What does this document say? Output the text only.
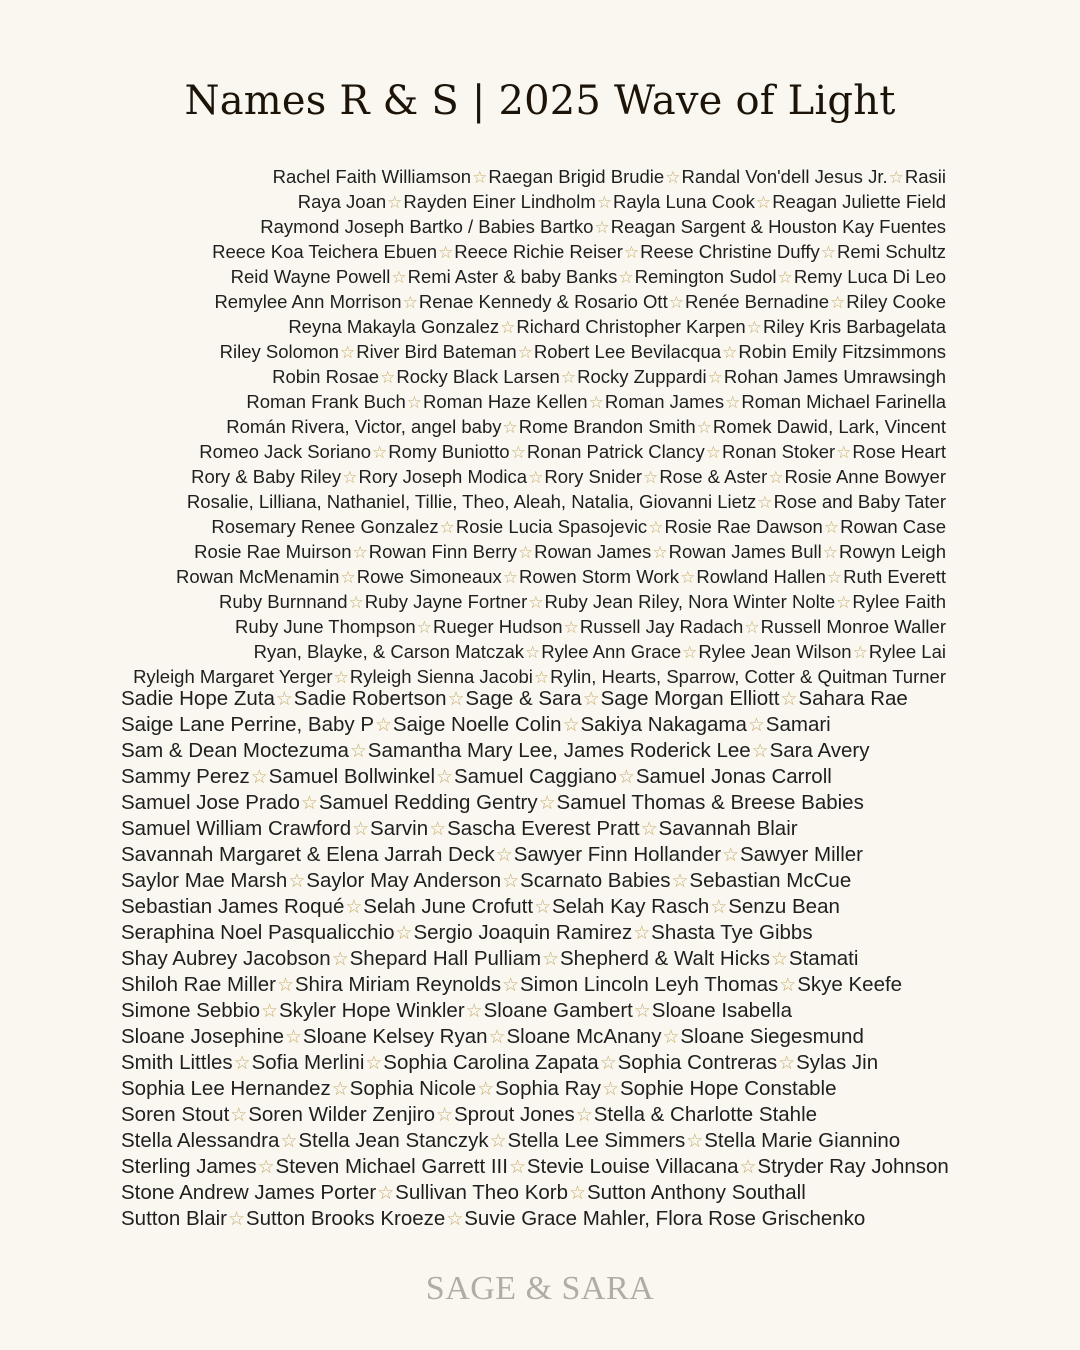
Names R & S | 2025 Wave of Light
Rachel Faith Williamson☆Raegan Brigid Brudie☆Randal Von'dell Jesus Jr.☆Rasii
Raya Joan☆Rayden Einer Lindholm☆Rayla Luna Cook☆Reagan Juliette Field
Raymond Joseph Bartko / Babies Bartko☆Reagan Sargent & Houston Kay Fuentes
Reece Koa Teichera Ebuen☆Reece Richie Reiser☆Reese Christine Duffy☆Remi Schultz
Reid Wayne Powell☆Remi Aster & baby Banks☆Remington Sudol☆Remy Luca Di Leo
Remylee Ann Morrison☆Renae Kennedy & Rosario Ott☆Renée Bernadine☆Riley Cooke
Reyna Makayla Gonzalez☆Richard Christopher Karpen☆Riley Kris Barbagelata
Riley Solomon☆River Bird Bateman☆Robert Lee Bevilacqua☆Robin Emily Fitzsimmons
Robin Rosae☆Rocky Black Larsen☆Rocky Zuppardi☆Rohan James Umrawsingh
Roman Frank Buch☆Roman Haze Kellen☆Roman James☆Roman Michael Farinella
Román Rivera, Victor, angel baby☆Rome Brandon Smith☆Romek Dawid, Lark, Vincent
Romeo Jack Soriano☆Romy Buniotto☆Ronan Patrick Clancy☆Ronan Stoker☆Rose Heart
Rory & Baby Riley☆Rory Joseph Modica☆Rory Snider☆Rose & Aster☆Rosie Anne Bowyer
Rosalie, Lilliana, Nathaniel, Tillie, Theo, Aleah, Natalia, Giovanni Lietz☆Rose and Baby Tater
Rosemary Renee Gonzalez☆Rosie Lucia Spasojevic☆Rosie Rae Dawson☆Rowan Case
Rosie Rae Muirson☆Rowan Finn Berry☆Rowan James☆Rowan James Bull☆Rowyn Leigh
Rowan McMenamin☆Rowe Simoneaux☆Rowen Storm Work☆Rowland Hallen☆Ruth Everett
Ruby Burnnand☆Ruby Jayne Fortner☆Ruby Jean Riley, Nora Winter Nolte☆Rylee Faith
Ruby June Thompson☆Rueger Hudson☆Russell Jay Radach☆Russell Monroe Waller
Ryan, Blayke, & Carson Matczak☆Rylee Ann Grace☆Rylee Jean Wilson☆Rylee Lai
Ryleigh Margaret Yerger☆Ryleigh Sienna Jacobi☆Rylin, Hearts, Sparrow, Cotter & Quitman Turner
Sadie Hope Zuta☆Sadie Robertson☆Sage & Sara☆Sage Morgan Elliott☆Sahara Rae
Saige Lane Perrine, Baby P☆Saige Noelle Colin☆Sakiya Nakagama☆Samari
Sam & Dean Moctezuma☆Samantha Mary Lee, James Roderick Lee☆Sara Avery
Sammy Perez☆Samuel Bollwinkel☆Samuel Caggiano☆Samuel Jonas Carroll
Samuel Jose Prado☆Samuel Redding Gentry☆Samuel Thomas & Breese Babies
Samuel William Crawford☆Sarvin☆Sascha Everest Pratt☆Savannah Blair
Savannah Margaret & Elena Jarrah Deck☆Sawyer Finn Hollander☆Sawyer Miller
Saylor Mae Marsh☆Saylor May Anderson☆Scarnato Babies☆Sebastian McCue
Sebastian James Roqué☆Selah June Crofutt☆Selah Kay Rasch☆Senzu Bean
Seraphina Noel Pasqualicchio☆Sergio Joaquin Ramirez☆Shasta Tye Gibbs
Shay Aubrey Jacobson☆Shepard Hall Pulliam☆Shepherd & Walt Hicks☆Stamati
Shiloh Rae Miller☆Shira Miriam Reynolds☆Simon Lincoln Leyh Thomas☆Skye Keefe
Simone Sebbio☆Skyler Hope Winkler☆Sloane Gambert☆Sloane Isabella
Sloane Josephine☆Sloane Kelsey Ryan☆Sloane McAnany☆Sloane Siegesmund
Smith Littles☆Sofia Merlini☆Sophia Carolina Zapata☆Sophia Contreras☆Sylas Jin
Sophia Lee Hernandez☆Sophia Nicole☆Sophia Ray☆Sophie Hope Constable
Soren Stout☆Soren Wilder Zenjiro☆Sprout Jones☆Stella & Charlotte Stahle
Stella Alessandra☆Stella Jean Stanczyk☆Stella Lee Simmers☆Stella Marie Giannino
Sterling James☆Steven Michael Garrett III☆Stevie Louise Villacana☆Stryder Ray Johnson
Stone Andrew James Porter☆Sullivan Theo Korb☆Sutton Anthony Southall
Sutton Blair☆Sutton Brooks Kroeze☆Suvie Grace Mahler, Flora Rose Grischenko
SAGE & SARA
